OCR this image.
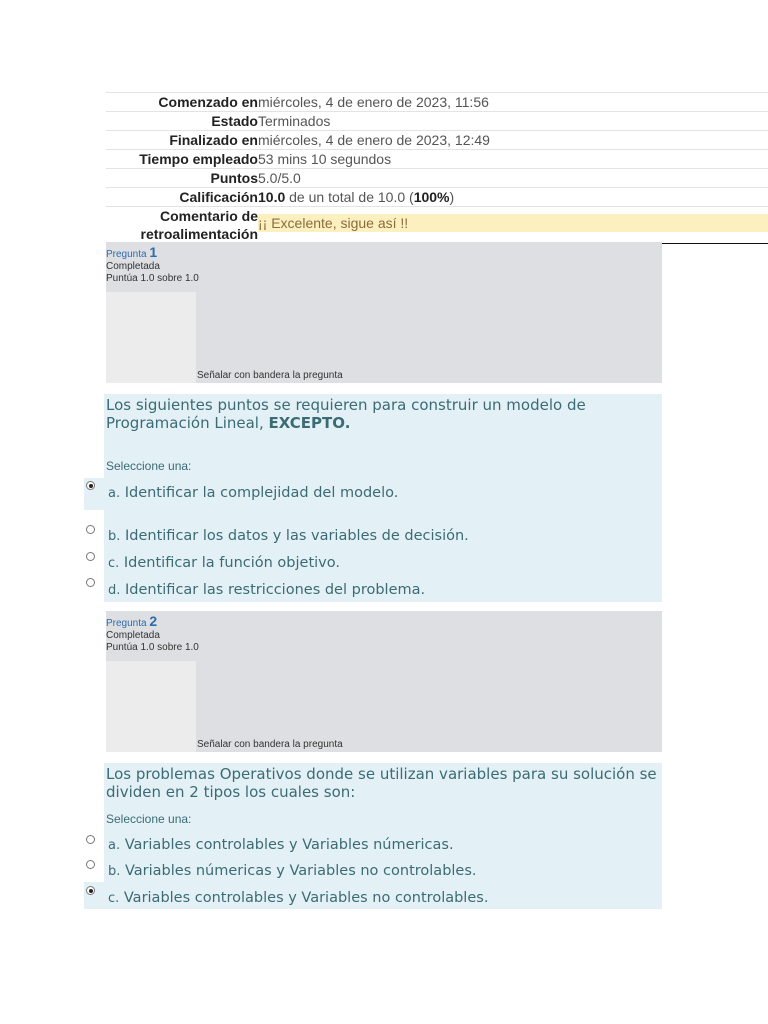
Comenzado en miércoles, 4 de enero de 2023, 11:56
Estado Terminados
Finalizado en miércoles, 4 de enero de 2023, 12:49
Tiempo empleado 53 mins 10 segundos
Puntos 5.0/5.0
Calificación 10.0 de un total de 10.0 (100%)
Comentario de
retroalimentación
¡¡ Excelente, sigue así !!
Pregunta 1
Completada
Puntúa 1.0 sobre 1.0
Señalar con bandera la pregunta
Los siguientes puntos se requieren para construir un modelo de Programación Lineal, EXCEPTO.
Seleccione una:
a. Identificar la complejidad del modelo.
b. Identificar los datos y las variables de decisión.
c. Identificar la función objetivo.
d. Identificar las restricciones del problema.
Pregunta 2
Completada
Puntúa 1.0 sobre 1.0
Señalar con bandera la pregunta
Los problemas Operativos donde se utilizan variables para su solución se dividen en 2 tipos los cuales son:
Seleccione una:
a. Variables controlables y Variables númericas.
b. Variables númericas y Variables no controlables.
c. Variables controlables y Variables no controlables.
